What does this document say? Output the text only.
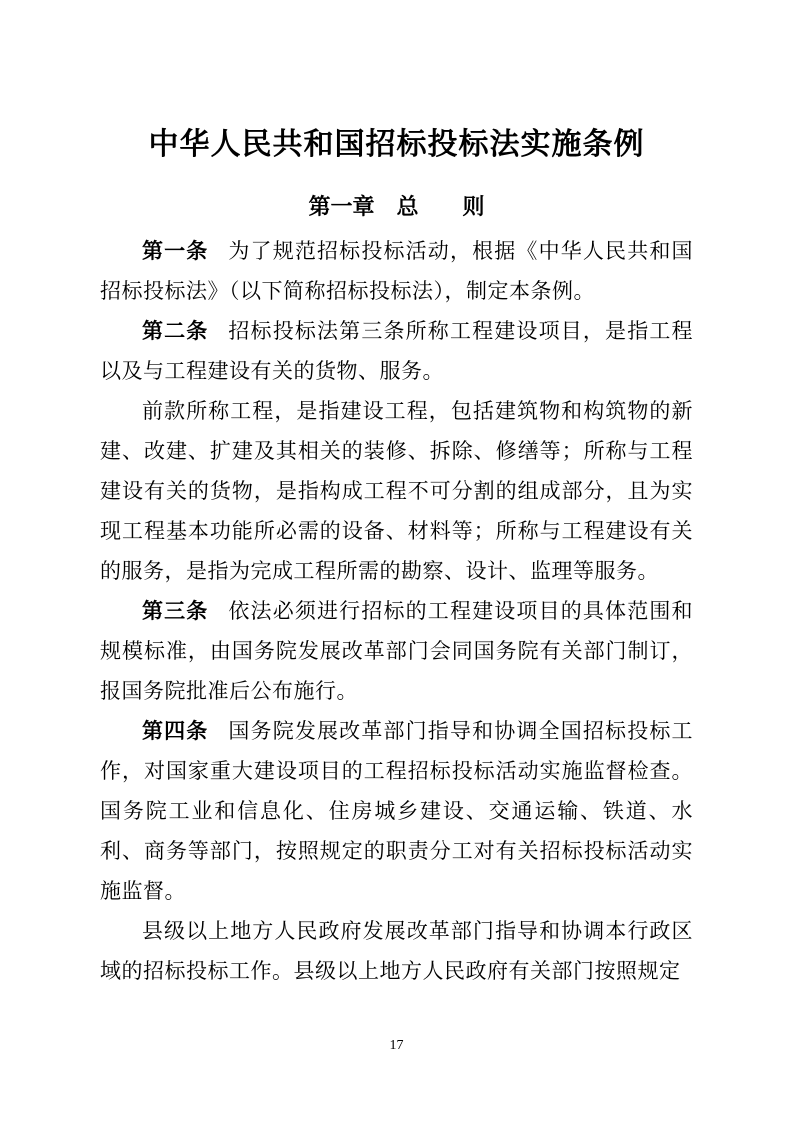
中华人民共和国招标投标法实施条例
第一章　总　　则

第一条 为了规范招标投标活动，根据《中华人民共和国招标投标法》（以下简称招标投标法），制定本条例。

第二条 招标投标法第三条所称工程建设项目，是指工程以及与工程建设有关的货物、服务。

前款所称工程，是指建设工程，包括建筑物和构筑物的新建、改建、扩建及其相关的装修、拆除、修缮等；所称与工程建设有关的货物，是指构成工程不可分割的组成部分，且为实现工程基本功能所必需的设备、材料等；所称与工程建设有关的服务，是指为完成工程所需的勘察、设计、监理等服务。

第三条 依法必须进行招标的工程建设项目的具体范围和规模标准，由国务院发展改革部门会同国务院有关部门制订，报国务院批准后公布施行。

第四条 国务院发展改革部门指导和协调全国招标投标工作，对国家重大建设项目的工程招标投标活动实施监督检查。国务院工业和信息化、住房城乡建设、交通运输、铁道、水利、商务等部门，按照规定的职责分工对有关招标投标活动实施监督。

县级以上地方人民政府发展改革部门指导和协调本行政区域的招标投标工作。县级以上地方人民政府有关部门按照规定

17
